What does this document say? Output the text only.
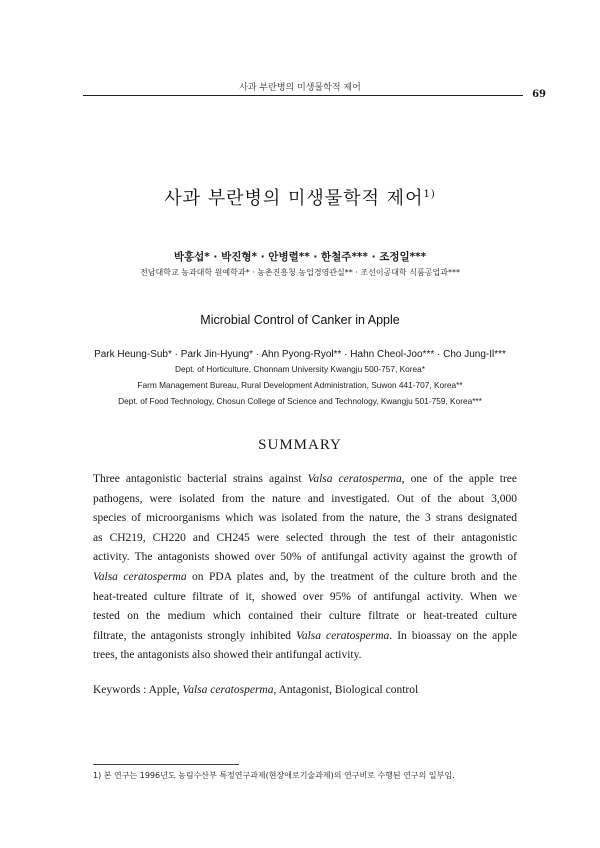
사과 부란병의 미생물학적 제어
69
사과 부란병의 미생물학적 제어$^{1)}$
박홍섭* · 박진형* · 안병렬** · 한철주*** · 조정일***
전남대학교 농과대학 원예학과* · 농촌진흥청 농업경영관실** · 조선이공대학 식품공업과***
Microbial Control of Canker in Apple
Park Heung-Sub* · Park Jin-Hyung* · Ahn Pyong-Ryol** · Hahn Cheol-Joo*** · Cho Jung-Il***
Dept. of Horticulture, Chonnam University Kwangju 500-757, Korea*
Farm Management Bureau, Rural Development Administration, Suwon 441-707, Korea**
Dept. of Food Technology, Chosun College of Science and Technology, Kwangju 501-759, Korea***
SUMMARY
Three antagonistic bacterial strains against Valsa ceratosperma, one of the apple tree
pathogens, were isolated from the nature and investigated. Out of the about 3,000
species of microorganisms which was isolated from the nature, the 3 strans designated
as CH219, CH220 and CH245 were selected through the test of their antagonistic
activity. The antagonists showed over 50% of antifungal activity against the growth of
Valsa ceratosperma on PDA plates and, by the treatment of the culture broth and the
heat-treated culture filtrate of it, showed over 95% of antifungal activity. When we
tested on the medium which contained their culture filtrate or heat-treated culture
filtrate, the antagonists strongly inhibited Valsa ceratosperma. In bioassay on the apple
trees, the antagonists also showed their antifungal activity.
Keywords : Apple, Valsa ceratosperma, Antagonist, Biological control
1) 본 연구는 1996년도 농림수산부 특정연구과제(현장애로기술과제)의 연구비로 수행된 연구의 일부임.
